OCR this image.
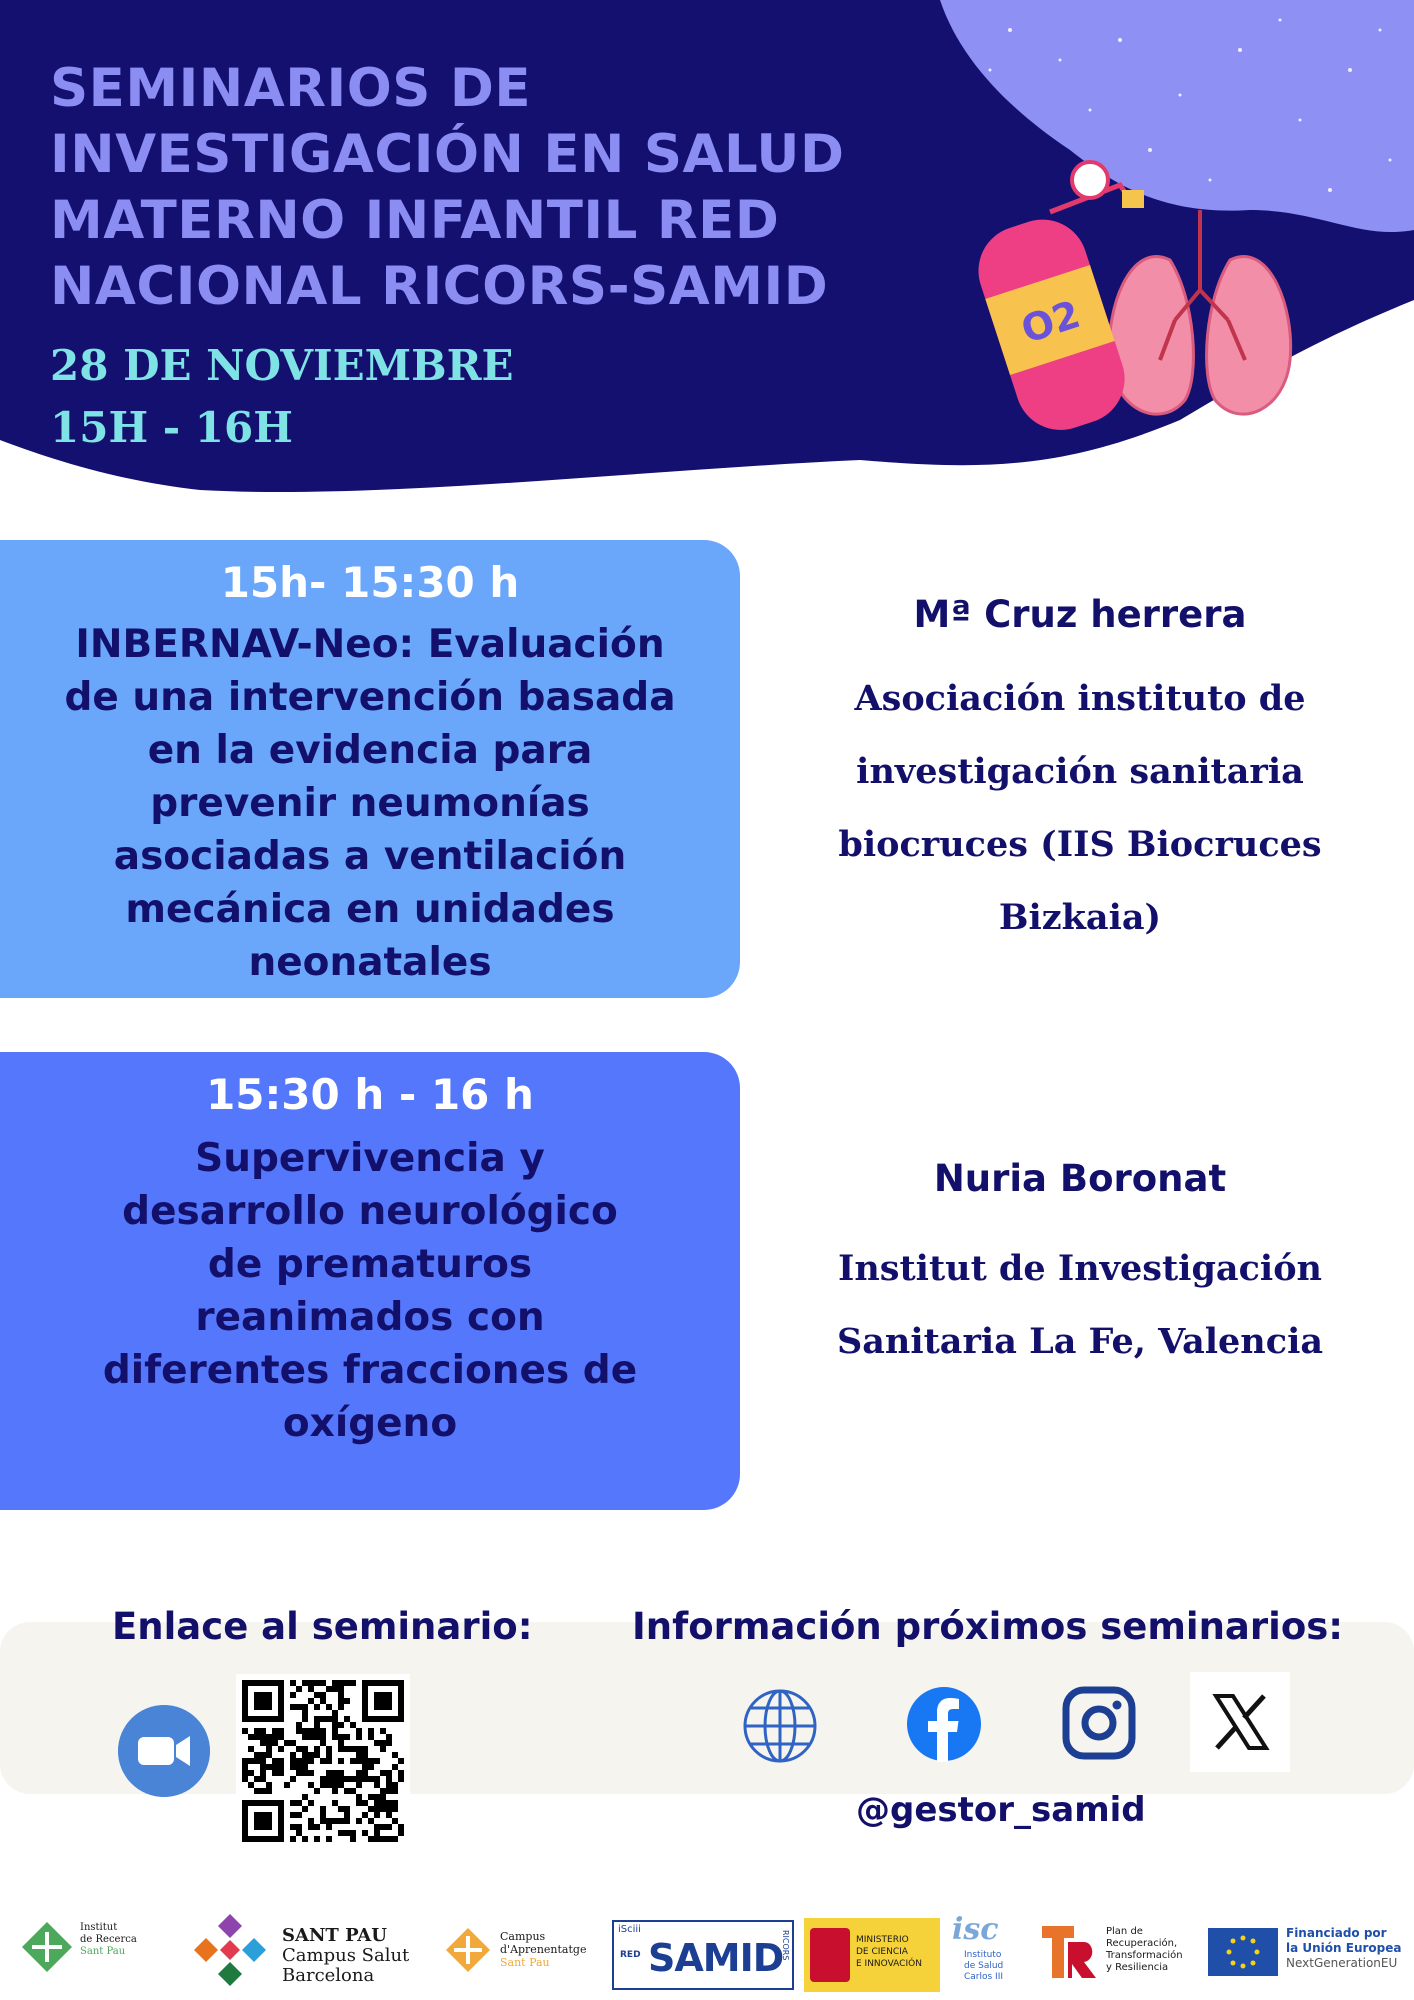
SEMINARIOS DE
INVESTIGACIÓN EN SALUD
MATERNO INFANTIL RED
NACIONAL RICORS-SAMID
28 DE NOVIEMBRE
15H - 16H
O2
15h- 15:30 h
INBERNAV-Neo: Evaluación
de una intervención basada
en la evidencia para
prevenir neumonías
asociadas a ventilación
mecánica en unidades
neonatales
Mª Cruz herrera
Asociación instituto de
investigación sanitaria
biocruces (IIS Biocruces
Bizkaia)
15:30 h - 16 h
Supervivencia y
desarrollo neurológico
de prematuros
reanimados con
diferentes fracciones de
oxígeno
Nuria Boronat
Institut de Investigación
Sanitaria La Fe, Valencia
Enlace al seminario:	Información próximos seminarios:
@gestor_samid
Institut
de Recerca
Sant Pau
SANT PAU
Campus Salut
Barcelona
Campus
d'Aprenentatge
Sant Pau
iSciii
RED SAMID
RICORS	MINISTERIO
DE CIENCIA
E INNOVACIÓN
isc
Instituto
de Salud
Carlos III
Plan de
Recuperación,
Transformación
y Resiliencia
Financiado por
la Unión Europea
NextGenerationEU
